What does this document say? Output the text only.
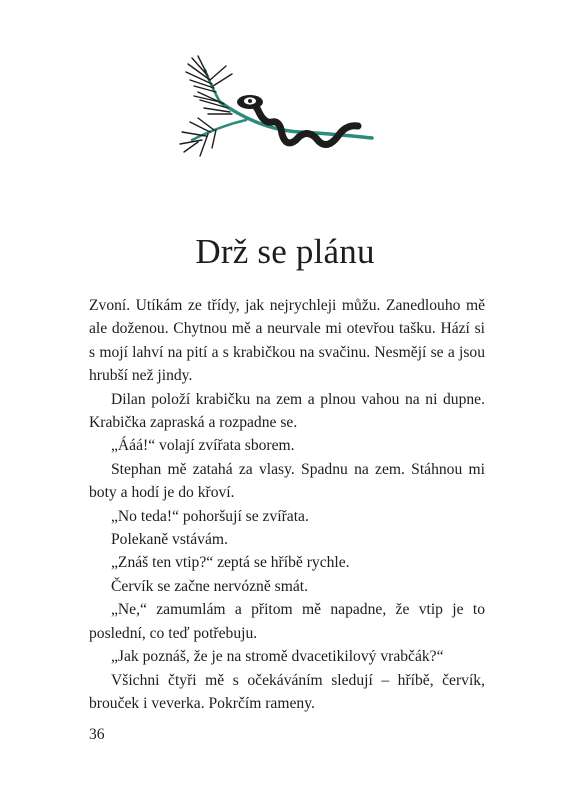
Drž se plánu

Zvoní. Utíkám ze třídy, jak nejrychleji můžu. Zanedlouho mě ale doženou. Chytnou mě a neurvale mi otevřou tašku. Hází si s mojí lahví na pití a s krabičkou na svačinu. Nesmějí se a jsou hrubší než jindy.

Dilan položí krabičku na zem a plnou vahou na ni dupne. Krabička zapraská a rozpadne se.

„Ááá!“ volají zvířata sborem.

Stephan mě zatahá za vlasy. Spadnu na zem. Stáhnou mi boty a hodí je do křoví.

„No teda!“ pohoršují se zvířata.

Polekaně vstávám.

„Znáš ten vtip?“ zeptá se hříbě rychle.

Červík se začne nervózně smát.

„Ne,“ zamumlám a přitom mě napadne, že vtip je to poslední, co teď potřebuju.

„Jak poznáš, že je na stromě dvacetikilový vrabčák?“

Všichni čtyři mě s očekáváním sledují – hříbě, červík, brouček i veverka. Pokrčím rameny.

36
